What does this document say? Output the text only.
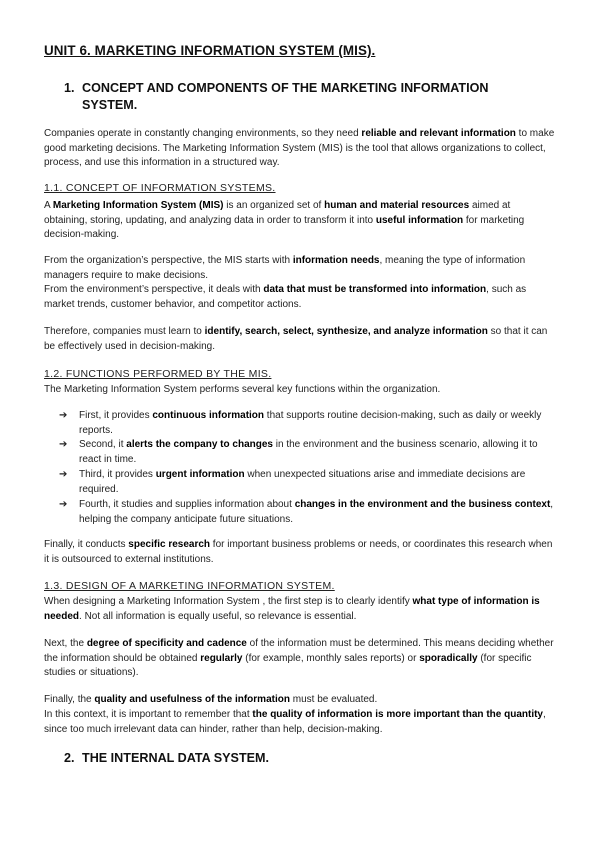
UNIT 6. MARKETING INFORMATION SYSTEM (MIS).
1. CONCEPT AND COMPONENTS OF THE MARKETING INFORMATION SYSTEM.
Companies operate in constantly changing environments, so they need reliable and relevant information to make good marketing decisions. The Marketing Information System (MIS) is the tool that allows organizations to collect, process, and use this information in a structured way.
1.1. CONCEPT OF INFORMATION SYSTEMS.
A Marketing Information System (MIS) is an organized set of human and material resources aimed at obtaining, storing, updating, and analyzing data in order to transform it into useful information for marketing decision-making.
From the organization’s perspective, the MIS starts with information needs, meaning the type of information managers require to make decisions.
From the environment’s perspective, it deals with data that must be transformed into information, such as market trends, customer behavior, and competitor actions.
Therefore, companies must learn to identify, search, select, synthesize, and analyze information so that it can be effectively used in decision-making.
1.2. FUNCTIONS PERFORMED BY THE MIS.
The Marketing Information System performs several key functions within the organization.
➔	First, it provides continuous information that supports routine decision-making, such as daily or weekly reports.
➔	Second, it alerts the company to changes in the environment and the business scenario, allowing it to react in time.
➔	Third, it provides urgent information when unexpected situations arise and immediate decisions are required.
➔	Fourth, it studies and supplies information about changes in the environment and the business context, helping the company anticipate future situations.
Finally, it conducts specific research for important business problems or needs, or coordinates this research when it is outsourced to external institutions.
1.3. DESIGN OF A MARKETING INFORMATION SYSTEM.
When designing a Marketing Information System , the first step is to clearly identify what type of information is needed. Not all information is equally useful, so relevance is essential.
Next, the degree of specificity and cadence of the information must be determined. This means deciding whether the information should be obtained regularly (for example, monthly sales reports) or sporadically (for specific studies or situations).
Finally, the quality and usefulness of the information must be evaluated.
In this context, it is important to remember that the quality of information is more important than the quantity, since too much irrelevant data can hinder, rather than help, decision-making.
2. THE INTERNAL DATA SYSTEM.
